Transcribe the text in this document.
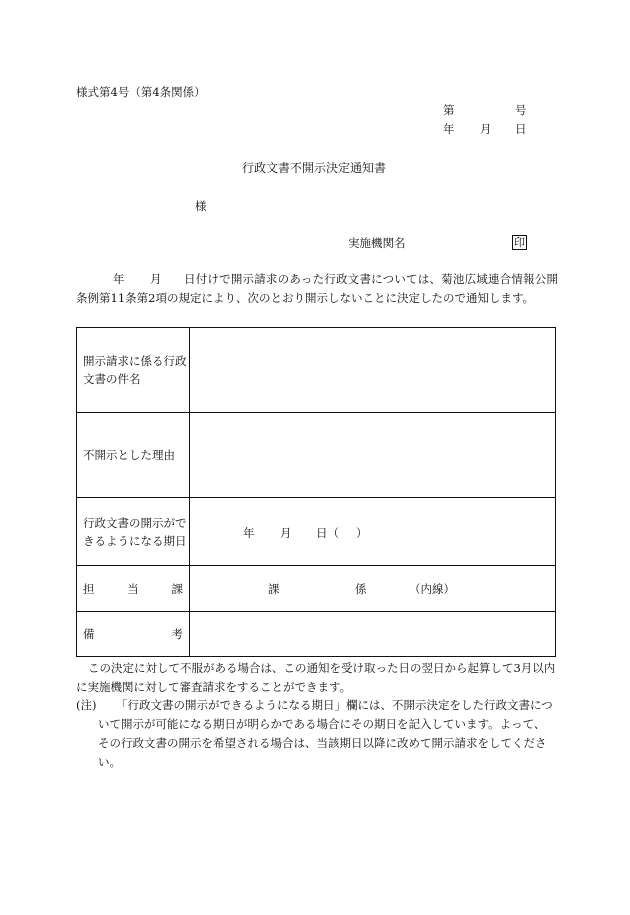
様式第4号（第4条関係）
第	号
年 月 日
行政文書不開示決定通知書
様
実施機関名	印
年 月	日付けで開示請求のあった行政文書については、菊池広域連合情報公開条例第11条第2項の規定により、次のとおり開示しないことに決定したので通知します。
開示請求に係る行政文書の件名	
不開示とした理由	
行政文書の開示ができるようになる期日	年 月 日（ ）

担 当 課	課 係 （内線）

備 考	

この決定に対して不服がある場合は、この通知を受け取った日の翌日から起算して3月以内に実施機関に対して審査請求をすることができます。
(注)	「行政文書の開示ができるようになる期日」欄には、不開示決定をした行政文書について開示が可能になる期日が明らかである場合にその期日を記入しています。よって、その行政文書の開示を希望される場合は、当該期日以降に改めて開示請求をしてください。
